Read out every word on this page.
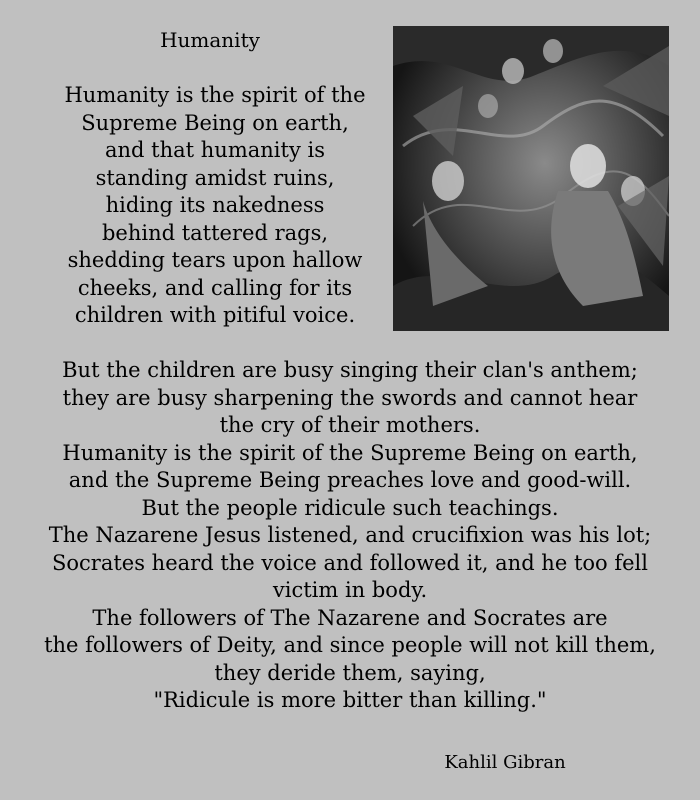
Humanity
Humanity is the spirit of the
Supreme Being on earth,
and that humanity is
standing amidst ruins,
hiding its nakedness
behind tattered rags,
shedding tears upon hallow
cheeks, and calling for its
children with pitiful voice.
But the children are busy singing their clan's anthem;
they are busy sharpening the swords and cannot hear
the cry of their mothers.
Humanity is the spirit of the Supreme Being on earth,
and the Supreme Being preaches love and good-will.
But the people ridicule such teachings.
The Nazarene Jesus listened, and crucifixion was his lot;
Socrates heard the voice and followed it, and he too fell
victim in body.
The followers of The Nazarene and Socrates are
the followers of Deity, and since people will not kill them,
they deride them, saying,
"Ridicule is more bitter than killing."
Kahlil Gibran
